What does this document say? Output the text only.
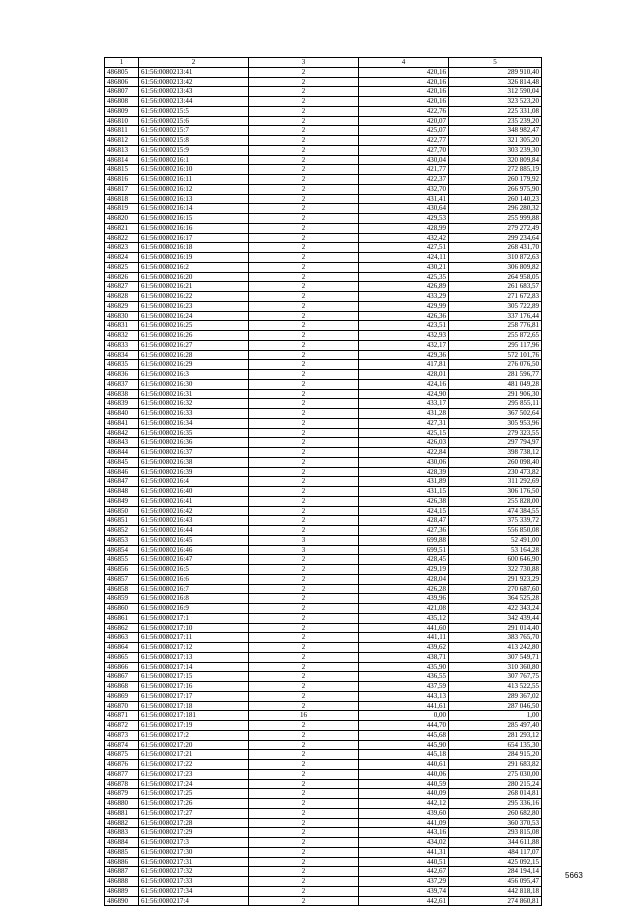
1	2	3	4	5
486805	61:56:0080213:41	2	420,16	289 910,40
486806	61:56:0080213:42	2	420,16	326 814,48
486807	61:56:0080213:43	2	420,16	312 590,04
486808	61:56:0080213:44	2	420,16	323 523,20
486809	61:56:0080215:5	2	422,76	225 331,08
486810	61:56:0080215:6	2	420,07	235 239,20
486811	61:56:0080215:7	2	425,07	348 982,47
486812	61:56:0080215:8	2	422,77	321 305,20
486813	61:56:0080215:9	2	427,70	303 239,30
486814	61:56:0080216:1	2	430,04	320 809,84
486815	61:56:0080216:10	2	421,77	272 885,19
486816	61:56:0080216:11	2	422,37	260 179,92
486817	61:56:0080216:12	2	432,70	266 975,90
486818	61:56:0080216:13	2	431,41	260 140,23
486819	61:56:0080216:14	2	430,64	296 280,32
486820	61:56:0080216:15	2	429,53	255 999,88
486821	61:56:0080216:16	2	428,99	279 272,49
486822	61:56:0080216:17	2	432,42	299 234,64
486823	61:56:0080216:18	2	427,51	268 431,70
486824	61:56:0080216:19	2	424,11	310 872,63
486825	61:56:0080216:2	2	430,21	306 809,82
486826	61:56:0080216:20	2	425,35	264 958,05
486827	61:56:0080216:21	2	426,89	261 683,57
486828	61:56:0080216:22	2	433,29	271 672,83
486829	61:56:0080216:23	2	429,99	305 722,89
486830	61:56:0080216:24	2	426,36	337 176,44
486831	61:56:0080216:25	2	423,51	258 776,81
486832	61:56:0080216:26	2	432,93	255 872,65
486833	61:56:0080216:27	2	432,17	295 117,96
486834	61:56:0080216:28	2	429,36	572 101,76
486835	61:56:0080216:29	2	417,81	276 076,50
486836	61:56:0080216:3	2	428,01	281 596,77
486837	61:56:0080216:30	2	424,16	481 049,28
486838	61:56:0080216:31	2	424,90	291 906,30
486839	61:56:0080216:32	2	433,17	295 855,11
486840	61:56:0080216:33	2	431,28	367 502,64
486841	61:56:0080216:34	2	427,31	305 953,96
486842	61:56:0080216:35	2	425,15	279 323,55
486843	61:56:0080216:36	2	426,03	297 794,97
486844	61:56:0080216:37	2	422,84	398 738,12
486845	61:56:0080216:38	2	430,06	260 098,40
486846	61:56:0080216:39	2	428,39	230 473,82
486847	61:56:0080216:4	2	431,89	311 292,69
486848	61:56:0080216:40	2	431,15	306 176,50
486849	61:56:0080216:41	2	426,38	255 828,00
486850	61:56:0080216:42	2	424,15	474 384,55
486851	61:56:0080216:43	2	428,47	375 339,72
486852	61:56:0080216:44	2	427,36	556 850,08
486853	61:56:0080216:45	3	699,88	52 491,00
486854	61:56:0080216:46	3	699,51	53 164,28
486855	61:56:0080216:47	2	428,45	600 646,90
486856	61:56:0080216:5	2	429,19	322 730,88
486857	61:56:0080216:6	2	428,04	291 923,29
486858	61:56:0080216:7	2	426,28	270 687,60
486859	61:56:0080216:8	2	439,96	364 525,28
486860	61:56:0080216:9	2	421,08	422 343,24
486861	61:56:0080217:1	2	435,12	342 439,44
486862	61:56:0080217:10	2	441,60	291 014,40
486863	61:56:0080217:11	2	441,11	383 765,70
486864	61:56:0080217:12	2	439,62	413 242,80
486865	61:56:0080217:13	2	438,71	307 549,71
486866	61:56:0080217:14	2	435,90	310 360,80
486867	61:56:0080217:15	2	436,55	307 767,75
486868	61:56:0080217:16	2	437,59	413 522,55
486869	61:56:0080217:17	2	443,13	289 367,02
486870	61:56:0080217:18	2	441,61	287 046,50
486871	61:56:0080217:181	16	0,00	1,00
486872	61:56:0080217:19	2	444,70	285 497,40
486873	61:56:0080217:2	2	445,68	281 293,12
486874	61:56:0080217:20	2	445,90	654 135,30
486875	61:56:0080217:21	2	445,18	284 915,20
486876	61:56:0080217:22	2	440,61	291 683,82
486877	61:56:0080217:23	2	440,06	275 030,00
486878	61:56:0080217:24	2	440,59	280 215,24
486879	61:56:0080217:25	2	440,09	268 014,81
486880	61:56:0080217:26	2	442,12	295 336,16
486881	61:56:0080217:27	2	439,60	260 682,80
486882	61:56:0080217:28	2	441,09	360 370,53
486883	61:56:0080217:29	2	443,16	293 815,08
486884	61:56:0080217:3	2	434,02	344 611,88
486885	61:56:0080217:30	2	441,31	484 117,07
486886	61:56:0080217:31	2	440,51	425 092,15
486887	61:56:0080217:32	2	442,67	284 194,14
486888	61:56:0080217:33	2	437,29	456 095,47
486889	61:56:0080217:34	2	439,74	442 818,18
486890	61:56:0080217:4	2	442,61	274 860,81
5663
